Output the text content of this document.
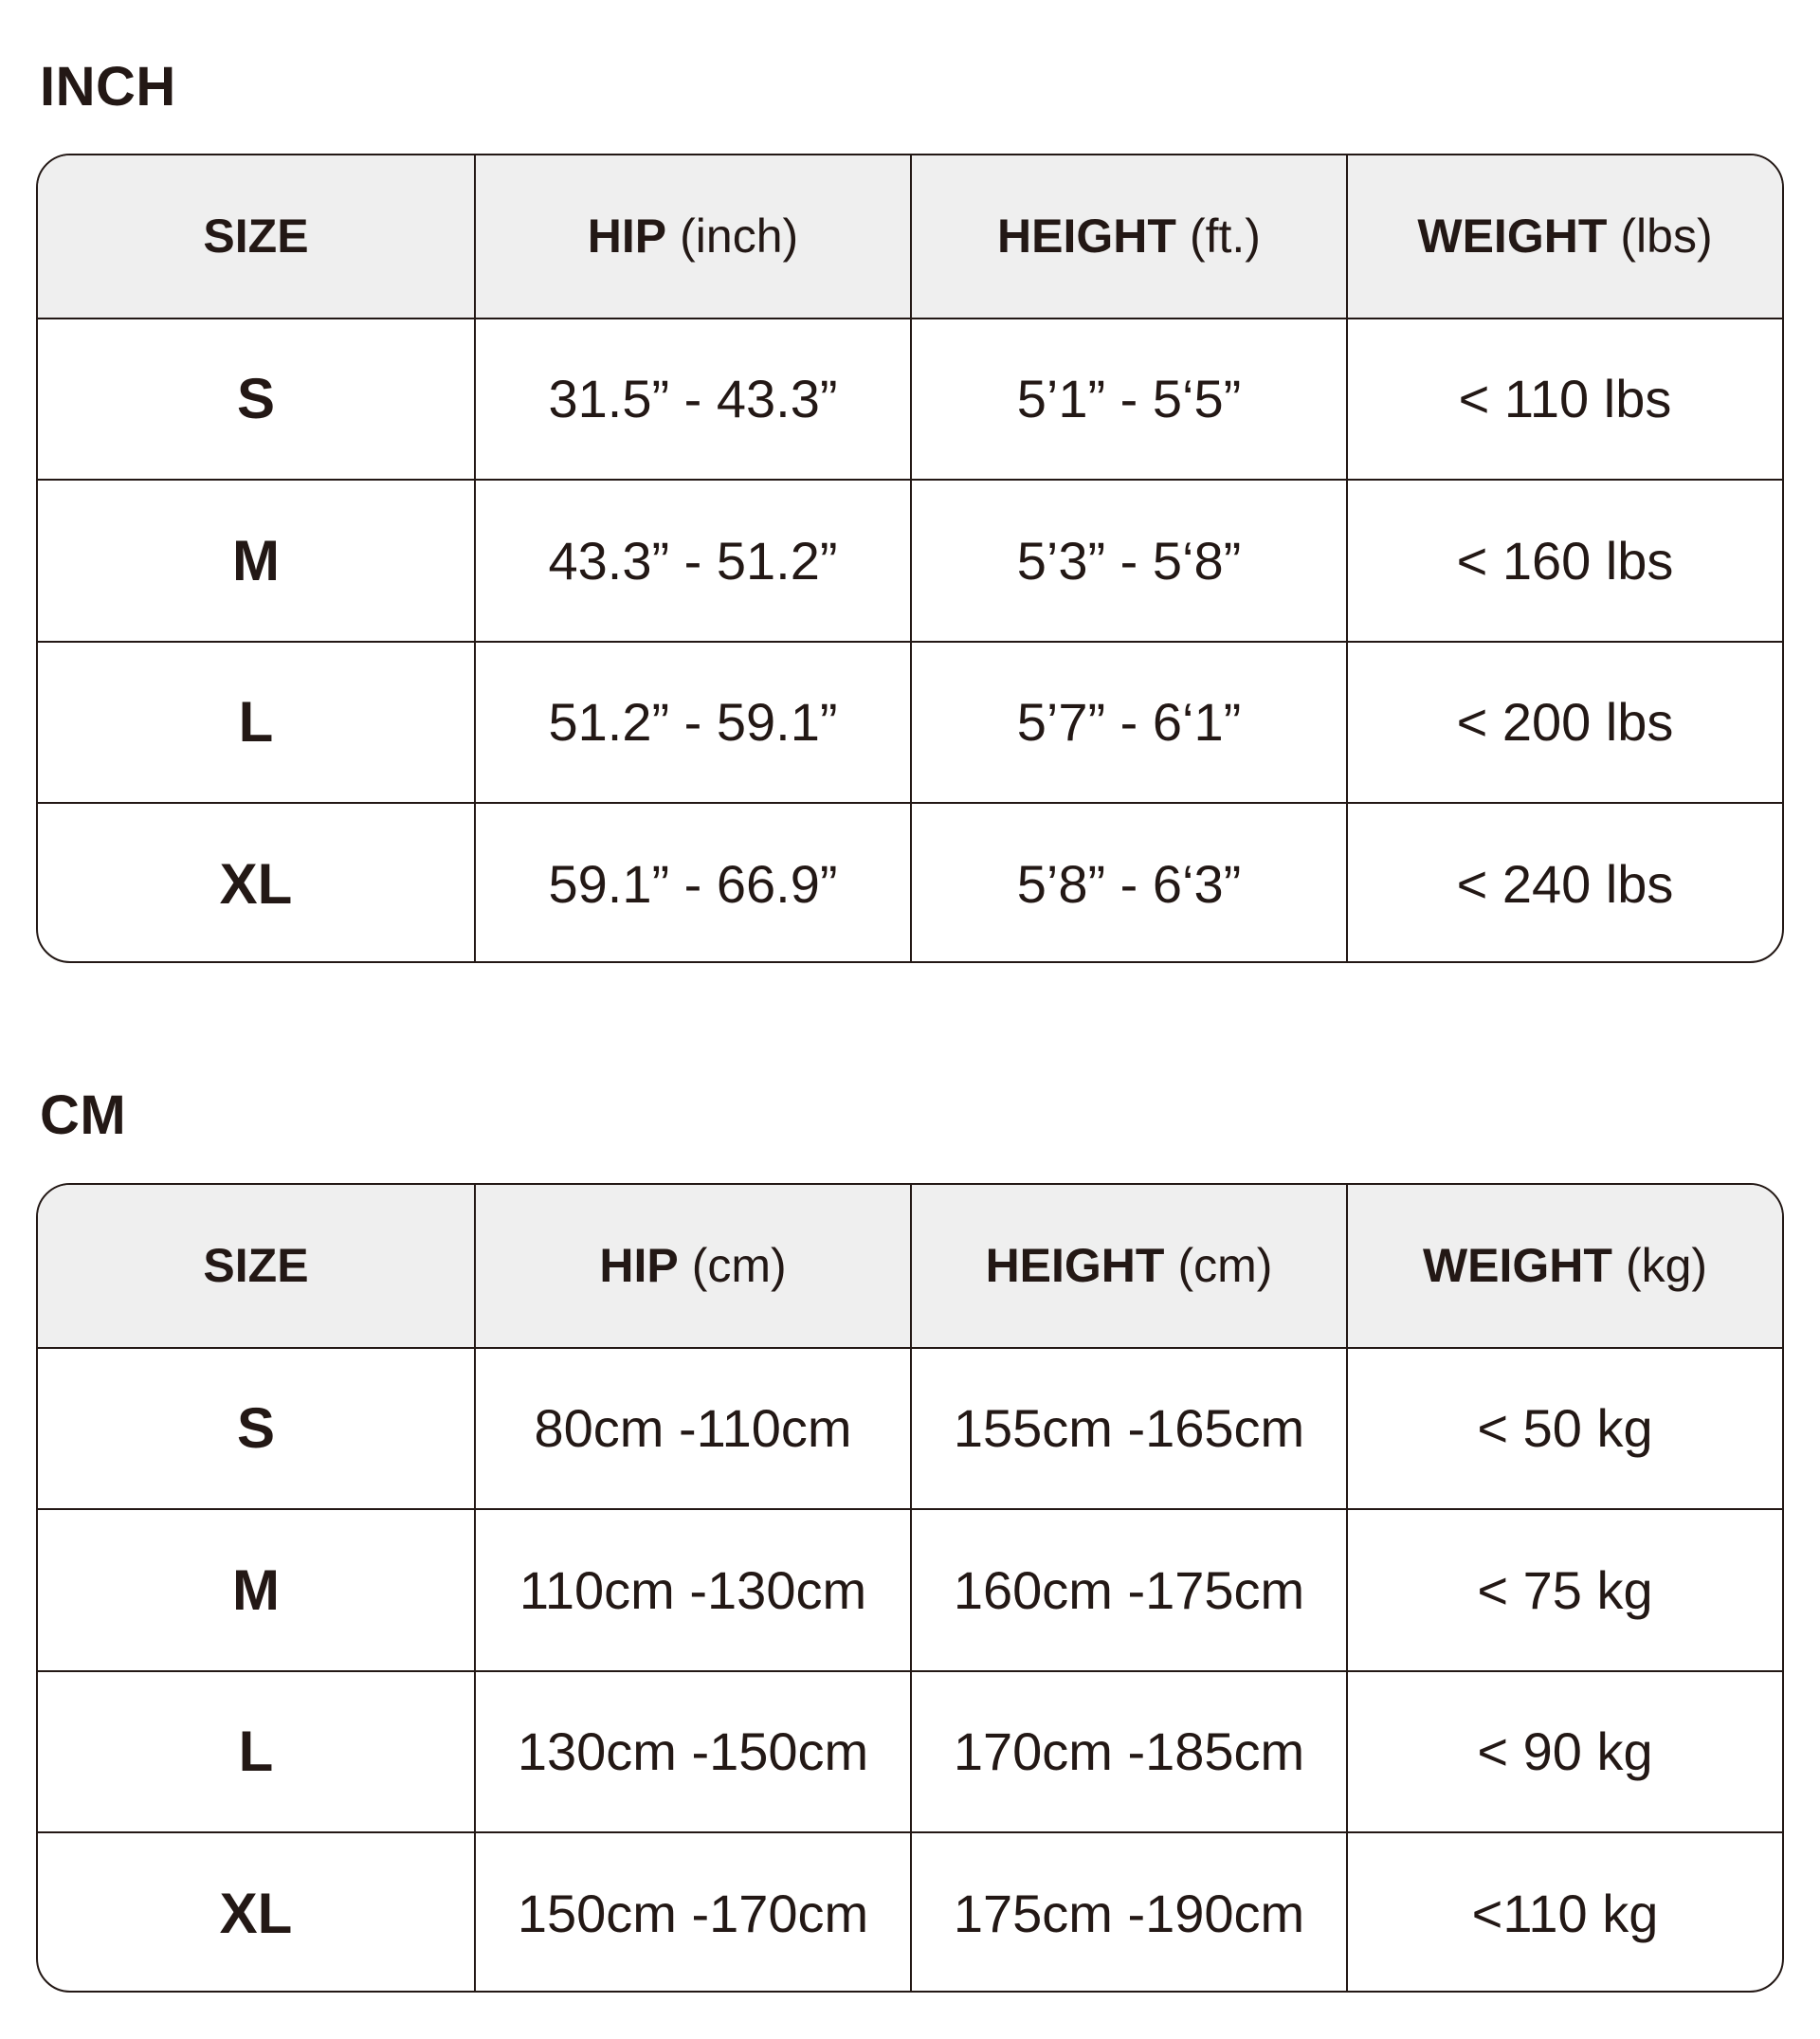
INCH
SIZE	HIP (inch)	HEIGHT (ft.)	WEIGHT (lbs)
S	31.5” - 43.3”	5’1” - 5‘5”	< 110 lbs
M	43.3” - 51.2”	5’3” - 5‘8”	< 160 lbs
L	51.2” - 59.1”	5’7” - 6‘1”	< 200 lbs
XL	59.1” - 66.9”	5’8” - 6‘3”	< 240 lbs
CM
SIZE	HIP (cm)	HEIGHT (cm)	WEIGHT (kg)
S	80cm -110cm	155cm -165cm	< 50 kg
M	110cm -130cm	160cm -175cm	< 75 kg
L	130cm -150cm	170cm -185cm	< 90 kg
XL	150cm -170cm	175cm -190cm	<110 kg
